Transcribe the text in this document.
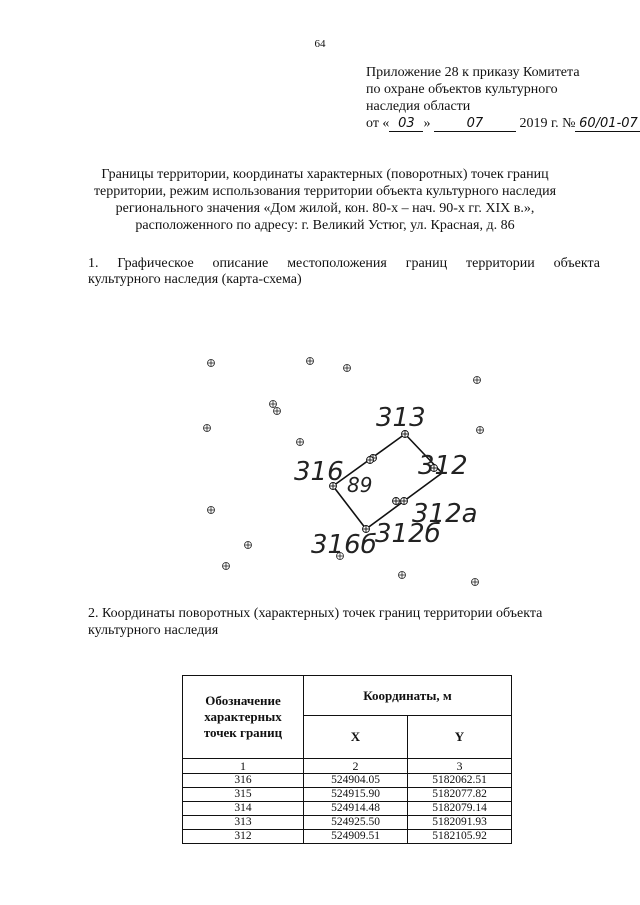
64
Приложение 28 к приказу Комитета
по охране объектов культурного
наследия области
от « 03 »	07	2019 г. № 60/01-07
Границы территории, координаты характерных (поворотных) точек границ территории, режим использования территории объекта культурного наследия регионального значения «Дом жилой, кон. 80-х – нач. 90-х гг. XIX в.», расположенного по адресу: г. Великий Устюг, ул. Красная, д. 86
1. Графическое описание местоположения границ территории объекта
культурного наследия (карта-схема)
89
313
312
316
312a
316б
312б
2. Координаты поворотных (характерных) точек границ территории объекта
культурного наследия
Обозначение характерных точек границ	Координаты, м	
	X	Y
1	2	3
316	524904.05	5182062.51
315	524915.90	5182077.82
314	524914.48	5182079.14
313	524925.50	5182091.93
312	524909.51	5182105.92
